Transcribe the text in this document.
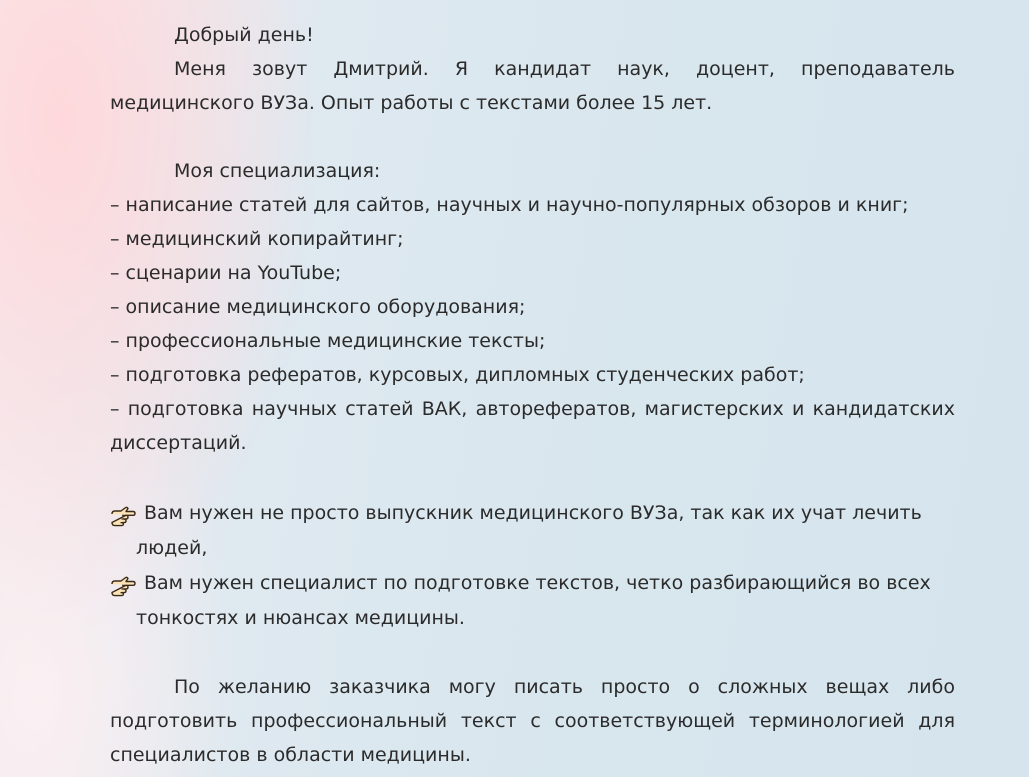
Добрый день!

Меня зовут Дмитрий. Я кандидат наук, доцент, преподаватель медицинского ВУЗа. Опыт работы с текстами более 15 лет.

Моя специализация:

– написание статей для сайтов, научных и научно-популярных обзоров и книг;

– медицинский копирайтинг;

– сценарии на YouTube;

– описание медицинского оборудования;

– профессиональные медицинские тексты;

– подготовка рефератов, курсовых, дипломных студенческих работ;

– подготовка научных статей ВАК, авторефератов, магистерских и кандидатских диссертаций.

Вам нужен не просто выпускник медицинского ВУЗа, так как их учат лечить
людей,
Вам нужен специалист по подготовке текстов, четко разбирающийся во всех
тонкостях и нюансах медицины.

По желанию заказчика могу писать просто о сложных вещах либо подготовить профессиональный текст с соответствующей терминологией для специалистов в области медицины.
